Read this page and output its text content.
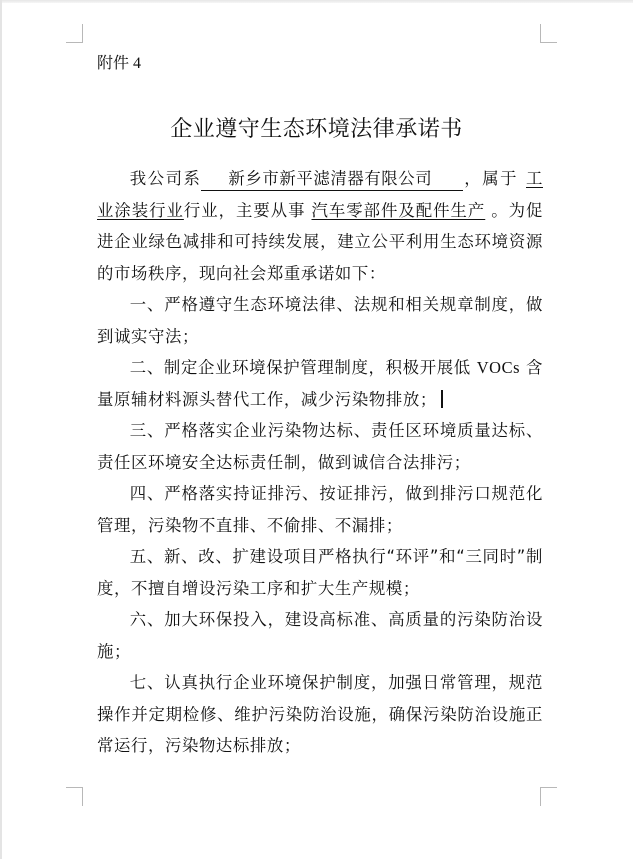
附件 4
企业遵守生态环境法律承诺书

我公司系 新乡市新平滤清器有限公司 ，属于 工业涂装行业行业，主要从事 汽车零部件及配件生产 。为促进企业绿色减排和可持续发展，建立公平利用生态环境资源的市场秩序，现向社会郑重承诺如下：

一、严格遵守生态环境法律、法规和相关规章制度，做到诚实守法；

二、制定企业环境保护管理制度，积极开展低 VOCs 含量原辅材料源头替代工作，减少污染物排放；

三、严格落实企业污染物达标、责任区环境质量达标、责任区环境安全达标责任制，做到诚信合法排污；

四、严格落实持证排污、按证排污，做到排污口规范化管理，污染物不直排、不偷排、不漏排；

五、新、改、扩建设项目严格执行“环评”和“三同时”制度，不擅自增设污染工序和扩大生产规模；

六、加大环保投入，建设高标准、高质量的污染防治设施；

七、认真执行企业环境保护制度，加强日常管理，规范操作并定期检修、维护污染防治设施，确保污染防治设施正常运行，污染物达标排放；
